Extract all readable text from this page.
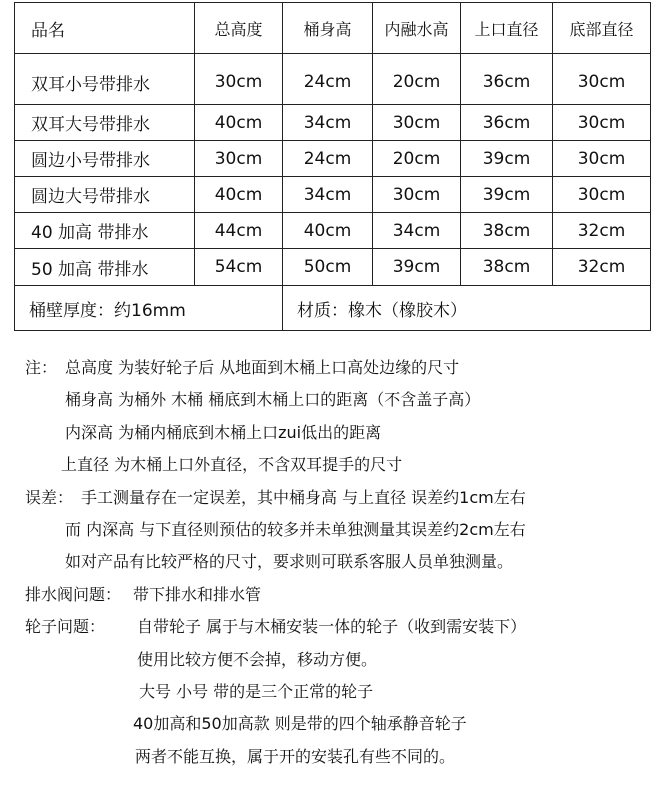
品名	总高度	桶身高	内融水高	上口直径	底部直径
双耳小号带排水	30cm	24cm	20cm	36cm	30cm
双耳大号带排水	40cm	34cm	30cm	36cm	30cm
圆边小号带排水	30cm	24cm	20cm	39cm	30cm
圆边大号带排水	40cm	34cm	30cm	39cm	30cm
40 加高 带排水	44cm	40cm	34cm	38cm	32cm
50 加高 带排水	54cm	50cm	39cm	38cm	32cm
桶壁厚度：约16mm		材质：橡木（橡胶木）			
注： 总高度 为装好轮子后 从地面到木桶上口高处边缘的尺寸
桶身高 为桶外 木桶 桶底到木桶上口的距离（不含盖子高）
内深高 为桶内桶底到木桶上口zui低出的距离
上直径 为木桶上口外直径，不含双耳提手的尺寸
误差： 手工测量存在一定误差，其中桶身高 与上直径 误差约1cm左右
而 内深高 与下直径则预估的较多并未单独测量其误差约2cm左右
如对产品有比较严格的尺寸，要求则可联系客服人员单独测量。
排水阀问题： 带下排水和排水管
轮子问题： 自带轮子 属于与木桶安装一体的轮子（收到需安装下）
使用比较方便不会掉，移动方便。
大号 小号 带的是三个正常的轮子
40加高和50加高款 则是带的四个轴承静音轮子
两者不能互换，属于开的安装孔有些不同的。
